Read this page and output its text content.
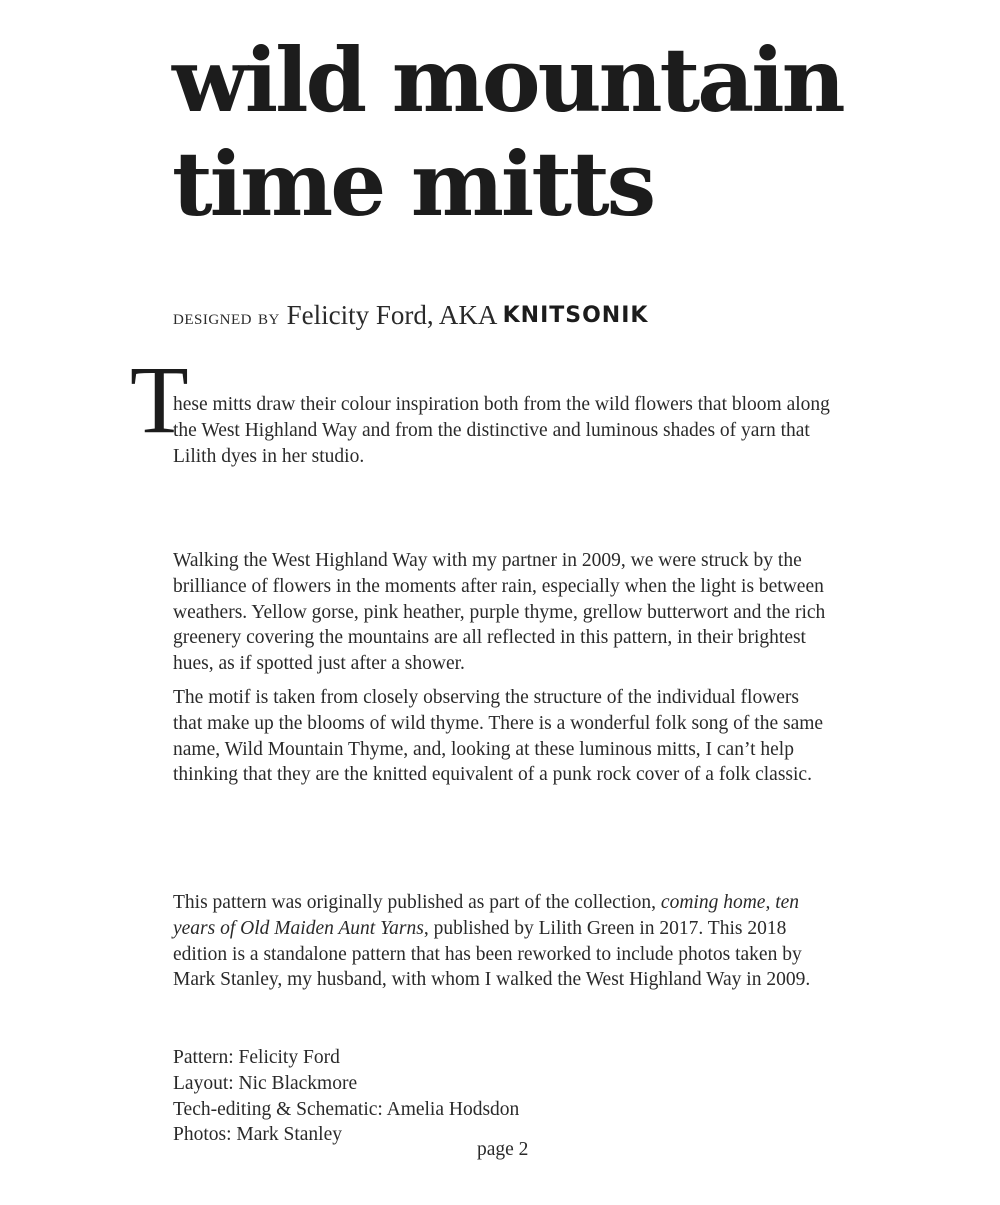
wild mountain
time mitts
designed by Felicity Ford, AKA KNITSONIK
T

hese mitts draw their colour inspiration both from the wild flowers that bloom along the West Highland Way and from the distinctive and luminous shades of yarn that Lilith dyes in her studio.

Walking the West Highland Way with my partner in 2009, we were struck by the brilliance of flowers in the moments after rain, especially when the light is between weathers. Yellow gorse, pink heather, purple thyme, grellow butterwort and the rich greenery covering the mountains are all reflected in this pattern, in their brightest hues, as if spotted just after a shower.

The motif is taken from closely observing the structure of the individual flowers that make up the blooms of wild thyme. There is a wonderful folk song of the same name, Wild Mountain Thyme, and, looking at these luminous mitts, I can’t help thinking that they are the knitted equivalent of a punk rock cover of a folk classic.

This pattern was originally published as part of the collection, coming home, ten years of Old Maiden Aunt Yarns, published by Lilith Green in 2017. This 2018 edition is a standalone pattern that has been reworked to include photos taken by Mark Stanley, my husband, with whom I walked the West Highland Way in 2009.

Pattern: Felicity Ford
Layout: Nic Blackmore
Tech-editing & Schematic: Amelia Hodsdon
Photos: Mark Stanley
page 2
